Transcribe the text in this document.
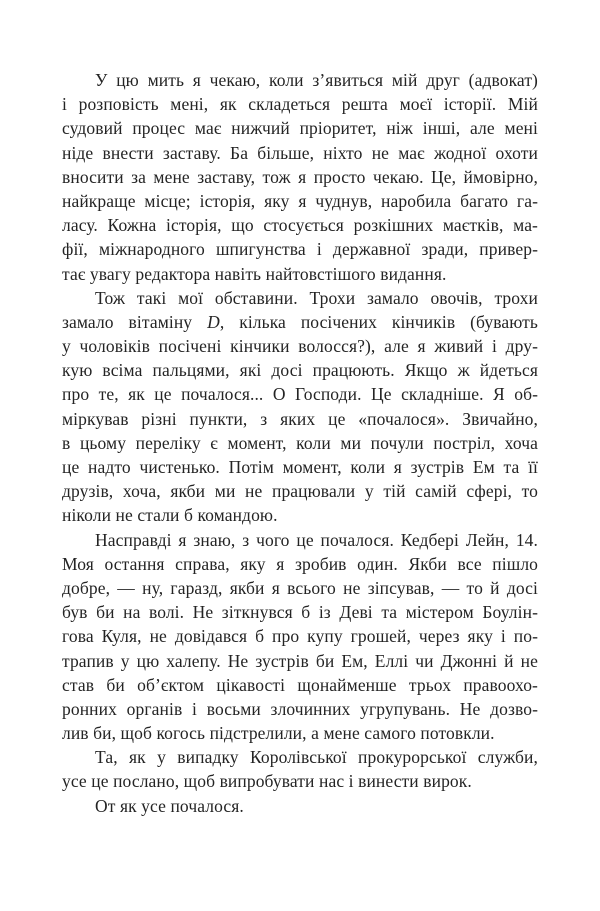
У цю мить я чекаю, коли з’явиться мій друг (адвокат)
і розповість мені, як складеться решта моєї історії. Мій
судовий процес має нижчий пріоритет, ніж інші, але мені
ніде внести заставу. Ба більше, ніхто не має жодної охоти
вносити за мене заставу, тож я просто чекаю. Це, ймовірно,
найкраще місце; історія, яку я чуднув, наробила багато га-
ласу. Кожна історія, що стосується розкішних маєтків, ма-
фії, міжнародного шпигунства і державної зради, привер-
тає увагу редактора навіть найтовстішого видання.
Тож такі мої обставини. Трохи замало овочів, трохи
замало вітаміну D, кілька посічених кінчиків (бувають
у чоловіків посічені кінчики волосся?), але я живий і дру-
кую всіма пальцями, які досі працюють. Якщо ж йдеться
про те, як це почалося... О Господи. Це складніше. Я об-
міркував різні пункти, з яких це «почалося». Звичайно,
в цьому переліку є момент, коли ми почули постріл, хоча
це надто чистенько. Потім момент, коли я зустрів Ем та її
друзів, хоча, якби ми не працювали у тій самій сфері, то
ніколи не стали б командою.
Насправді я знаю, з чого це почалося. Кедбері Лейн, 14.
Моя остання справа, яку я зробив один. Якби все пішло
добре, — ну, гаразд, якби я всього не зіпсував, — то й досі
був би на волі. Не зіткнувся б із Деві та містером Боулін-
гова Куля, не довідався б про купу грошей, через яку і по-
трапив у цю халепу. Не зустрів би Ем, Еллі чи Джонні й не
став би об’єктом цікавості щонайменше трьох правоохо-
ронних органів і восьми злочинних угрупувань. Не дозво-
лив би, щоб когось підстрелили, а мене самого потовкли.
Та, як у випадку Королівської прокурорської служби,
усе це послано, щоб випробувати нас і винести вирок.
От як усе почалося.
